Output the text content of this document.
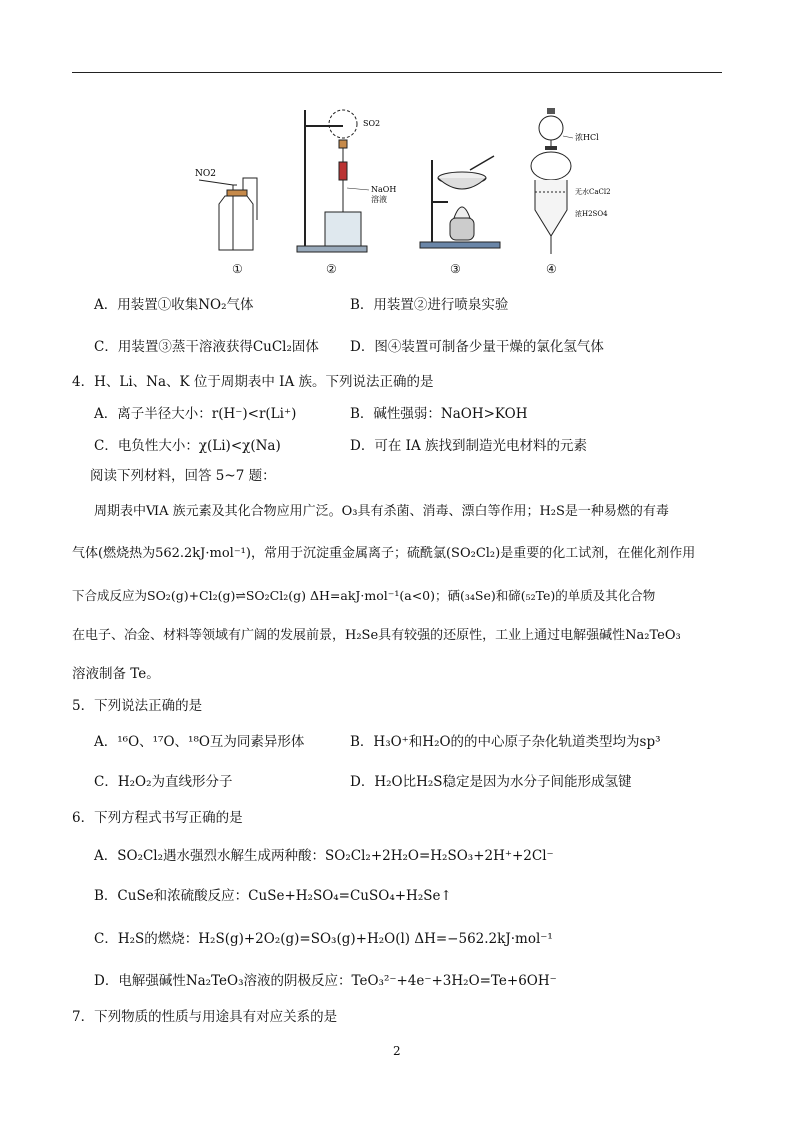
NO2
SO2
NaOH
溶液
浓HCl
无水CaCl2
浓H2SO4
①	②	③	④
A．用装置①收集NO₂气体	B．用装置②进行喷泉实验
C．用装置③蒸干溶液获得CuCl₂固体 D．图④装置可制备少量干燥的氯化氢气体
4．H、Li、Na、K 位于周期表中 IA 族。下列说法正确的是
A．离子半径大小：r(H⁻)<r(Li⁺)	B．碱性强弱：NaOH>KOH
C．电负性大小：χ(Li)<χ(Na)	D．可在 IA 族找到制造光电材料的元素
阅读下列材料，回答 5~7 题：
周期表中ⅥA 族元素及其化合物应用广泛。O₃具有杀菌、消毒、漂白等作用；H₂S是一种易燃的有毒
气体(燃烧热为562.2kJ·mol⁻¹)，常用于沉淀重金属离子；硫酰氯(SO₂Cl₂)是重要的化工试剂，在催化剂作用
下合成反应为SO₂(g)+Cl₂(g)⇌SO₂Cl₂(g) ΔH=akJ·mol⁻¹(a<0)；硒(₃₄Se)和碲(₅₂Te)的单质及其化合物
在电子、冶金、材料等领域有广阔的发展前景，H₂Se具有较强的还原性，工业上通过电解强碱性Na₂TeO₃
溶液制备 Te。
5．下列说法正确的是
A．¹⁶O、¹⁷O、¹⁸O互为同素异形体	B．H₃O⁺和H₂O的的中心原子杂化轨道类型均为sp³
C．H₂O₂为直线形分子	D．H₂O比H₂S稳定是因为水分子间能形成氢键
6．下列方程式书写正确的是
A．SO₂Cl₂遇水强烈水解生成两种酸：SO₂Cl₂+2H₂O=H₂SO₃+2H⁺+2Cl⁻
B．CuSe和浓硫酸反应：CuSe+H₂SO₄=CuSO₄+H₂Se↑
C．H₂S的燃烧：H₂S(g)+2O₂(g)=SO₃(g)+H₂O(l) ΔH=−562.2kJ·mol⁻¹
D．电解强碱性Na₂TeO₃溶液的阴极反应：TeO₃²⁻+4e⁻+3H₂O=Te+6OH⁻
7．下列物质的性质与用途具有对应关系的是
2
